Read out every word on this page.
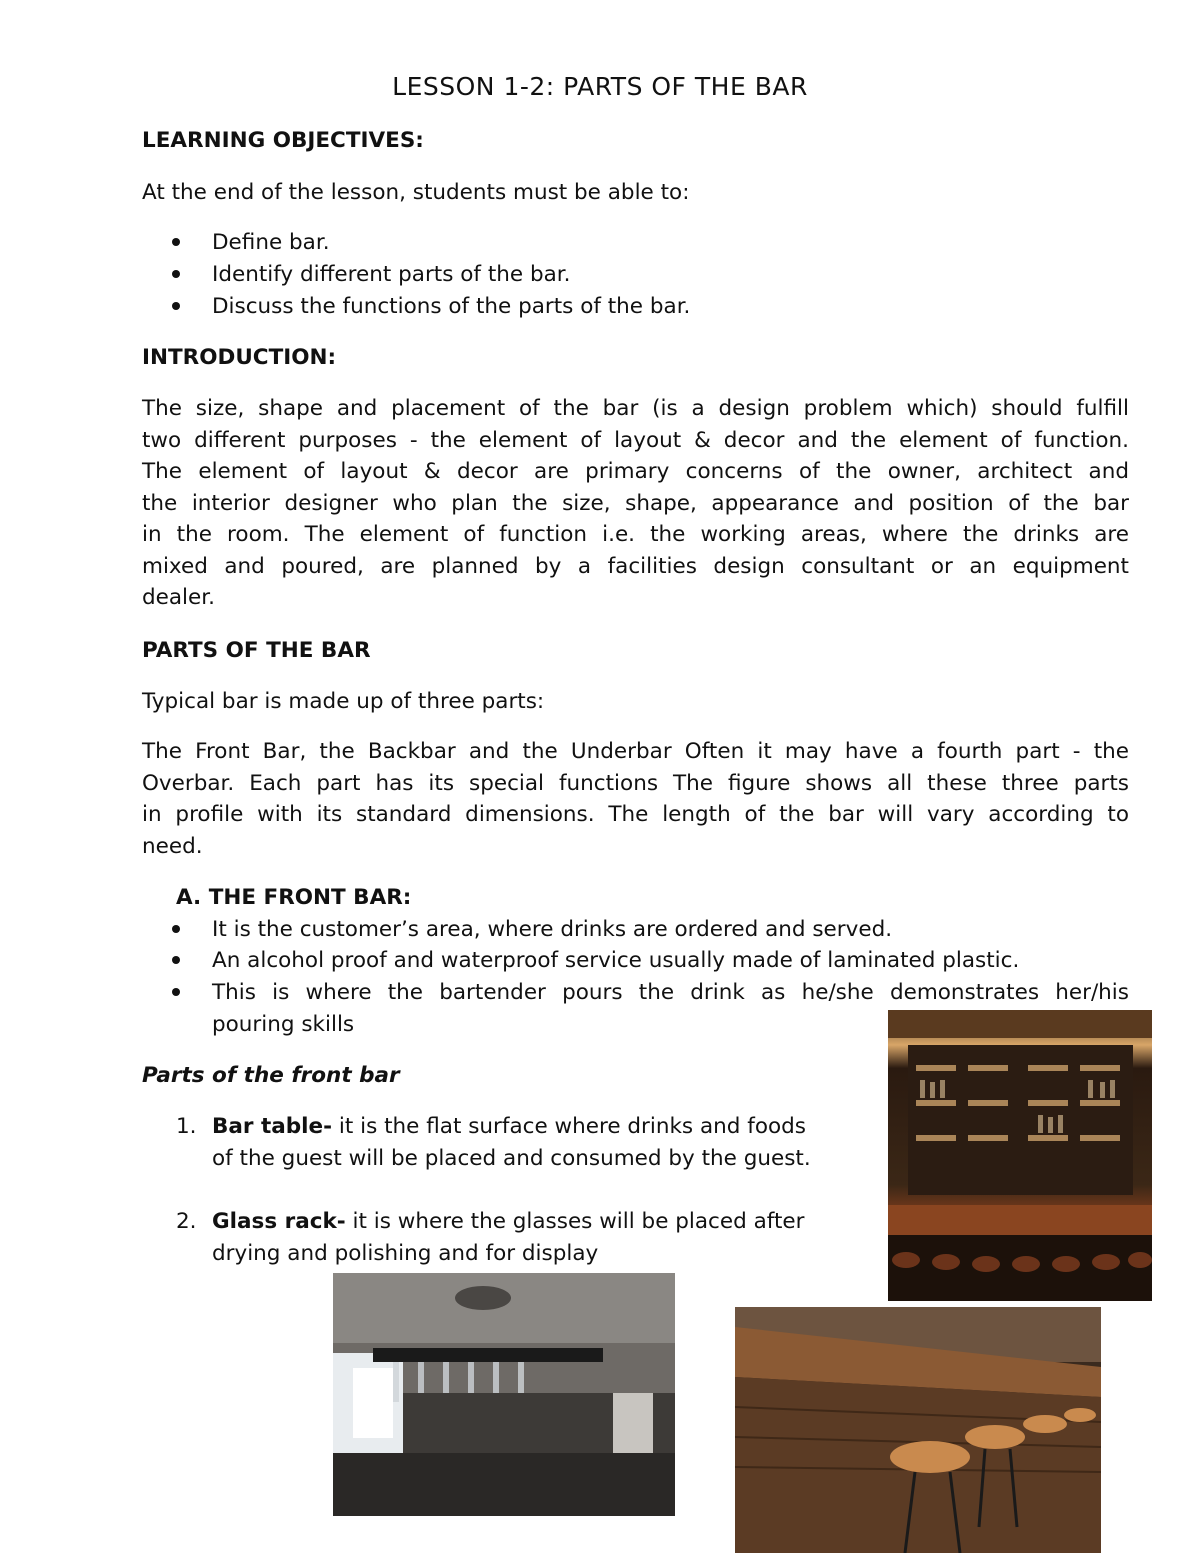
LESSON 1-2: PARTS OF THE BAR
LEARNING OBJECTIVES:
At the end of the lesson, students must be able to:
Define bar.
Identify different parts of the bar.
Discuss the functions of the parts of the bar.
INTRODUCTION:
The size, shape and placement of the bar (is a design problem which) should fulfill
two different purposes - the element of layout & decor and the element of function.
The element of layout & decor are primary concerns of the owner, architect and
the interior designer who plan the size, shape, appearance and position of the bar
in the room. The element of function i.e. the working areas, where the drinks are
mixed and poured, are planned by a facilities design consultant or an equipment
dealer.
PARTS OF THE BAR
Typical bar is made up of three parts:
The Front Bar, the Backbar and the Underbar Often it may have a fourth part - the
Overbar. Each part has its special functions The figure shows all these three parts
in profile with its standard dimensions. The length of the bar will vary according to
need.
A. THE FRONT BAR:
It is the customer’s area, where drinks are ordered and served.
An alcohol proof and waterproof service usually made of laminated plastic.
This is where the bartender pours the drink as he/she demonstrates her/his
pouring skills
Parts of the front bar
1. Bar table- it is the flat surface where drinks and foods
of the guest will be placed and consumed by the guest.
2. Glass rack- it is where the glasses will be placed after
drying and polishing and for display
